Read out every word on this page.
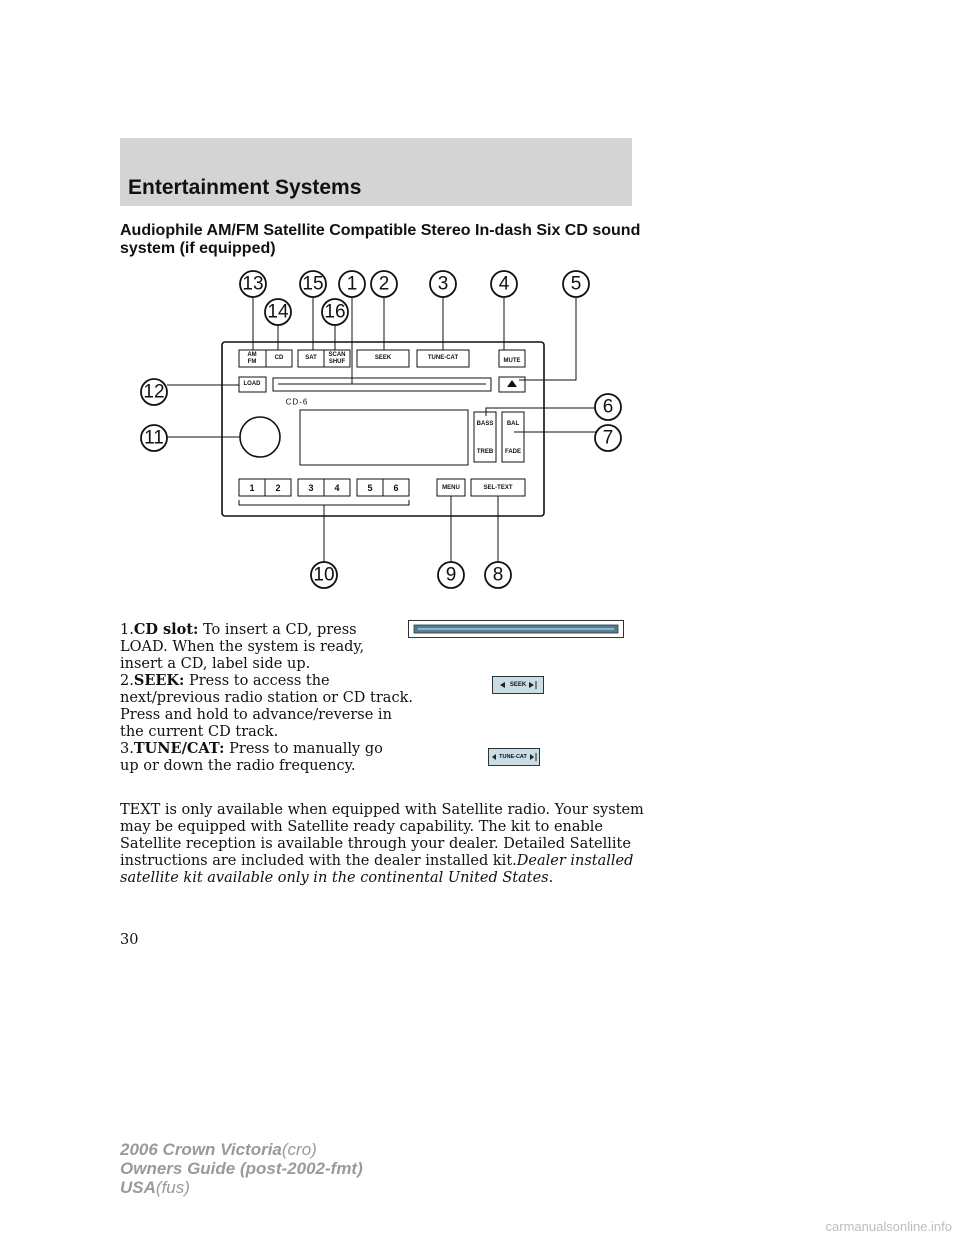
Entertainment Systems
Audiophile AM/FM Satellite Compatible Stereo In-dash Six CD sound system (if equipped)
AM
FM
CD	SAT SCAN
SHUF
SEEK	TUNE-CAT	MUTE
LOAD
CD-6
BASS
TREB
BAL
FADE
1 2	3 4	5 6	MENU	SEL-TEXT
13 15 1 2	3	4	5
14 16
12
6
11	7
10	9 8

1.CD slot: To insert a CD, press LOAD. When the system is ready, insert a CD, label side up.

2.SEEK: Press to access the next/previous radio station or CD track. Press and hold to advance/reverse in the current CD track.

SEEK

3.TUNE/CAT: Press to manually go up or down the radio frequency.

TUNE-CAT

TEXT is only available when equipped with Satellite radio. Your system may be equipped with Satellite ready capability. The kit to enable Satellite reception is available through your dealer. Detailed Satellite instructions are included with the dealer installed kit.Dealer installed satellite kit available only in the continental United States.

30

2006 Crown Victoria(cro)
Owners Guide (post-2002-fmt)
USA(fus)

carmanualsonline.info
